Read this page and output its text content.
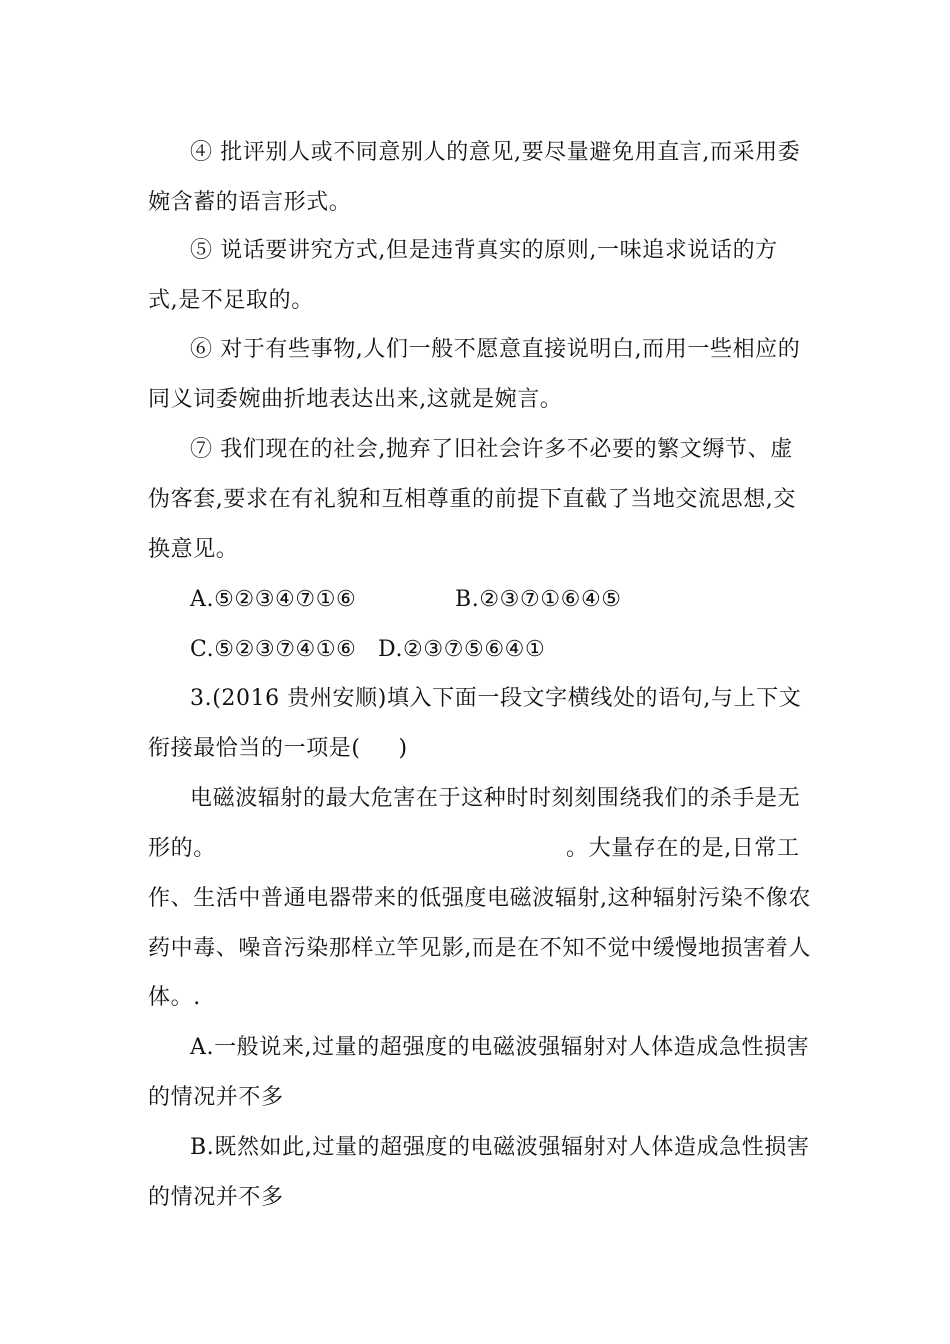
④ 批评别人或不同意别人的意见,要尽量避免用直言,而采用委
婉含蓄的语言形式。
⑤ 说话要讲究方式,但是违背真实的原则,一味追求说话的方
式,是不足取的。
⑥ 对于有些事物,人们一般不愿意直接说明白,而用一些相应的
同义词委婉曲折地表达出来,这就是婉言。
⑦ 我们现在的社会,抛弃了旧社会许多不必要的繁文缛节、虚
伪客套,要求在有礼貌和互相尊重的前提下直截了当地交流思想,交
换意见。
A.⑤②③④⑦①⑥	B.②③⑦①⑥④⑤
C.⑤②③⑦④①⑥ D.②③⑦⑤⑥④①
3.(2016 贵州安顺)填入下面一段文字横线处的语句,与上下文
衔接最恰当的一项是(     )
电磁波辐射的最大危害在于这种时时刻刻围绕我们的杀手是无
形的。	。大量存在的是,日常工
作、生活中普通电器带来的低强度电磁波辐射,这种辐射污染不像农
药中毒、噪音污染那样立竿见影,而是在不知不觉中缓慢地损害着人
体。.
A.一般说来,过量的超强度的电磁波强辐射对人体造成急性损害
的情况并不多
B.既然如此,过量的超强度的电磁波强辐射对人体造成急性损害
的情况并不多
